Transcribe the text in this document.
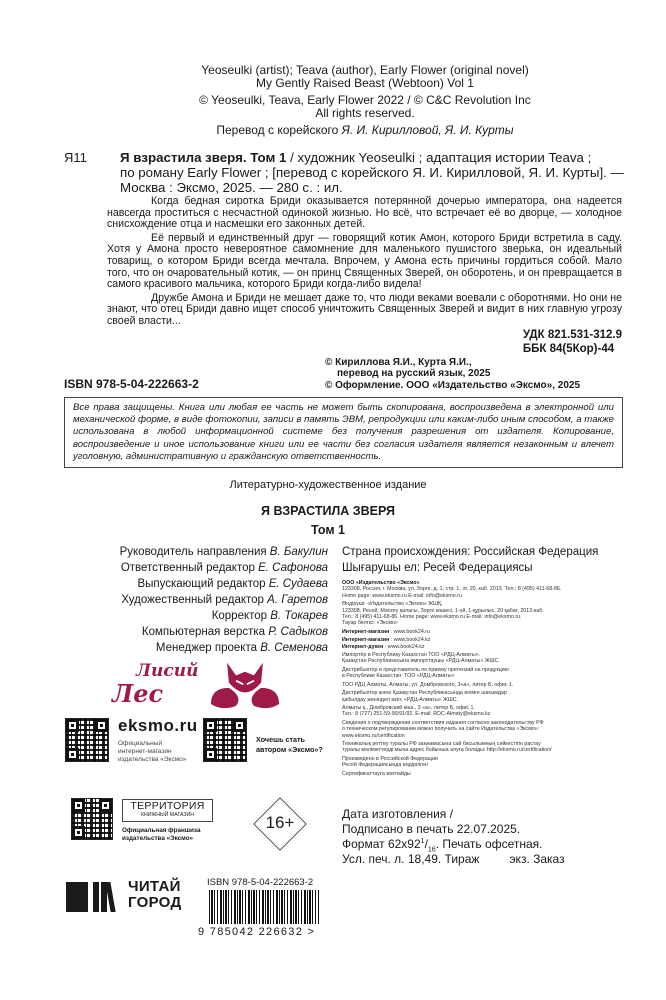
Yeoseulki (artist); Teava (author), Early Flower (original novel)
My Gently Raised Beast (Webtoon) Vol 1
© Yeoseulki, Teava, Early Flower 2022 / © C&C Revolution Inc
All rights reserved.
Перевод с корейского Я. И. Кирилловой, Я. И. Курты
Я11 Я взрастила зверя. Том 1 / художник Yeoseulki ; адаптация истории Teava ;
по роману Early Flower ; [перевод с корейского Я. И. Кирилловой, Я. И. Курты]. —
Москва : Эксмо, 2025. — 280 с. : ил.

Когда бедная сиротка Бриди оказывается потерянной дочерью императора, она надеется навсегда проститься с несчастной одинокой жизнью. Но всё, что встречает её во дворце, — холодное снисхождение отца и насмешки его законных детей.

Её первый и единственный друг — говорящий котик Амон, которого Бриди встретила в саду. Хотя у Амона просто невероятное самомнение для маленького пушистого зверька, он идеальный товарищ, о котором Бриди всегда мечтала. Впрочем, у Амона есть причины гордиться собой. Мало того, что он очаровательный котик, — он принц Священных Зверей, он оборотень, и он превращается в самого красивого мальчика, которого Бриди когда-либо видела!

Дружбе Амона и Бриди не мешает даже то, что люди веками воевали с оборотнями. Но они не знают, что отец Бриди давно ищет способ уничтожить Священных Зверей и видит в них главную угрозу своей власти...

УДК 821.531-312.9
ББК 84(5Кор)-44
© Кириллова Я.И., Курта Я.И.,
перевод на русский язык, 2025
© Оформление. ООО «Издательство «Эксмо», 2025
ISBN 978-5-04-222663-2
Все права защищены. Книга или любая ее часть не может быть скопирована, воспроизведена в электронной или механической форме, в виде фотокопии, записи в память ЭВМ, репродукции или каким-либо иным способом, а также использована в любой информационной системе без получения разрешения от издателя. Копирование, воспроизведение и иное использование книги или ее части без согласия издателя является незаконным и влечет уголовную, административную и гражданскую ответственность.
Литературно-художественное издание
Я ВЗРАСТИЛА ЗВЕРЯ
Том 1
Руководитель направления В. Бакулин
Ответственный редактор Е. Сафонова
Выпускающий редактор Е. Судаева
Художественный редактор А. Гаретов
Корректор В. Токарев
Компьютерная верстка Р. Садыков
Менеджер проекта В. Семенова
Страна происхождения: Российская Федерация
Шығарушы ел: Ресей Федерациясы

ООО «Издательство «Эксмо»
123308, Россия, г. Москва, ул. Зорге, д. 1, стр. 1, эт. 20, каб. 2013. Тел.: 8 (495) 411-68-86.
Home page: www.eksmo.ru E-mail: info@eksmo.ru

Өндіруші: «Издательство «Эксмо» ЖШҚ,
123308, Ресей, Мәскеу қаласы, Зорге көшесі, 1-үй, 1-құрылыс, 20 қабат, 2013-каб.
Тел.: 8 (495) 411-68-86. Home page: www.eksmo.ru E-mail: info@eksmo.ru.
Тауар белгісі: «Эксмо»

Интернет-магазин : www.book24.ru

Интернет-магазин : www.book24.kz

Интернет-дүкен : www.book24.kz

Импортёр в Республику Казахстан ТОО «РДЦ-Алматы».
Қазақстан Республикасына импорттаушы «РДЦ-Алматы» ЖШС.

Дистрибьютор и представитель по приему претензий на продукцию
в Республике Казахстан: ТОО «РДЦ-Алматы»

ТОО РДЦ Алматы, Алматы, ул. Домбровского, 3«а», литер Б, офис 1.

Дистрибьютор және Қазақстан Республикасында өнімге шағымдар
қабылдау жөніндегі өкіл: «РДЦ-Алматы» ЖШС.

Алматы қ., Домбровский көш., 3 «а», литер Б, офис 1.
Тел.: 8 (727) 251-59-90/91/92. E-mail: RDC-Almaty@eksmo.kz

Сведения о подтверждении соответствия издания согласно законодательству РФ
о техническом регулировании можно получить на сайте Издательства «Эксмо»:
www.eksmo.ru/certification

Техникалық реттеу туралы РФ заңнамасына сай басылымның сәйкестігін растау
туралы мәліметтерді мына адрес бойынша алуға болады: http://eksmo.ru/certification/

Произведено в Российской Федерации
Ресей Федерациясында өндірілген

Сертификаттауға жатпайды

Дата изготовления /
Подписано в печать 22.07.2025.
Формат $62x92^1/_{16}$. Печать офсетная.
Усл. печ. л. 18,49. Тираж         экз. Заказ
Лисий
Лес
eksmo.ru
Официальный
интернет-магазин
издательства «Эксмо»
Хочешь стать
автором «Эксмо»?
ТЕРРИТОРИЯ
КНИЖНЫЙ МАГАЗИН
Официальная франшиза
издательства «Эксмо»
16+
ЧИТАЙ
ГОРОД
ISBN 978-5-04-222663-2
9 785042 226632 >
